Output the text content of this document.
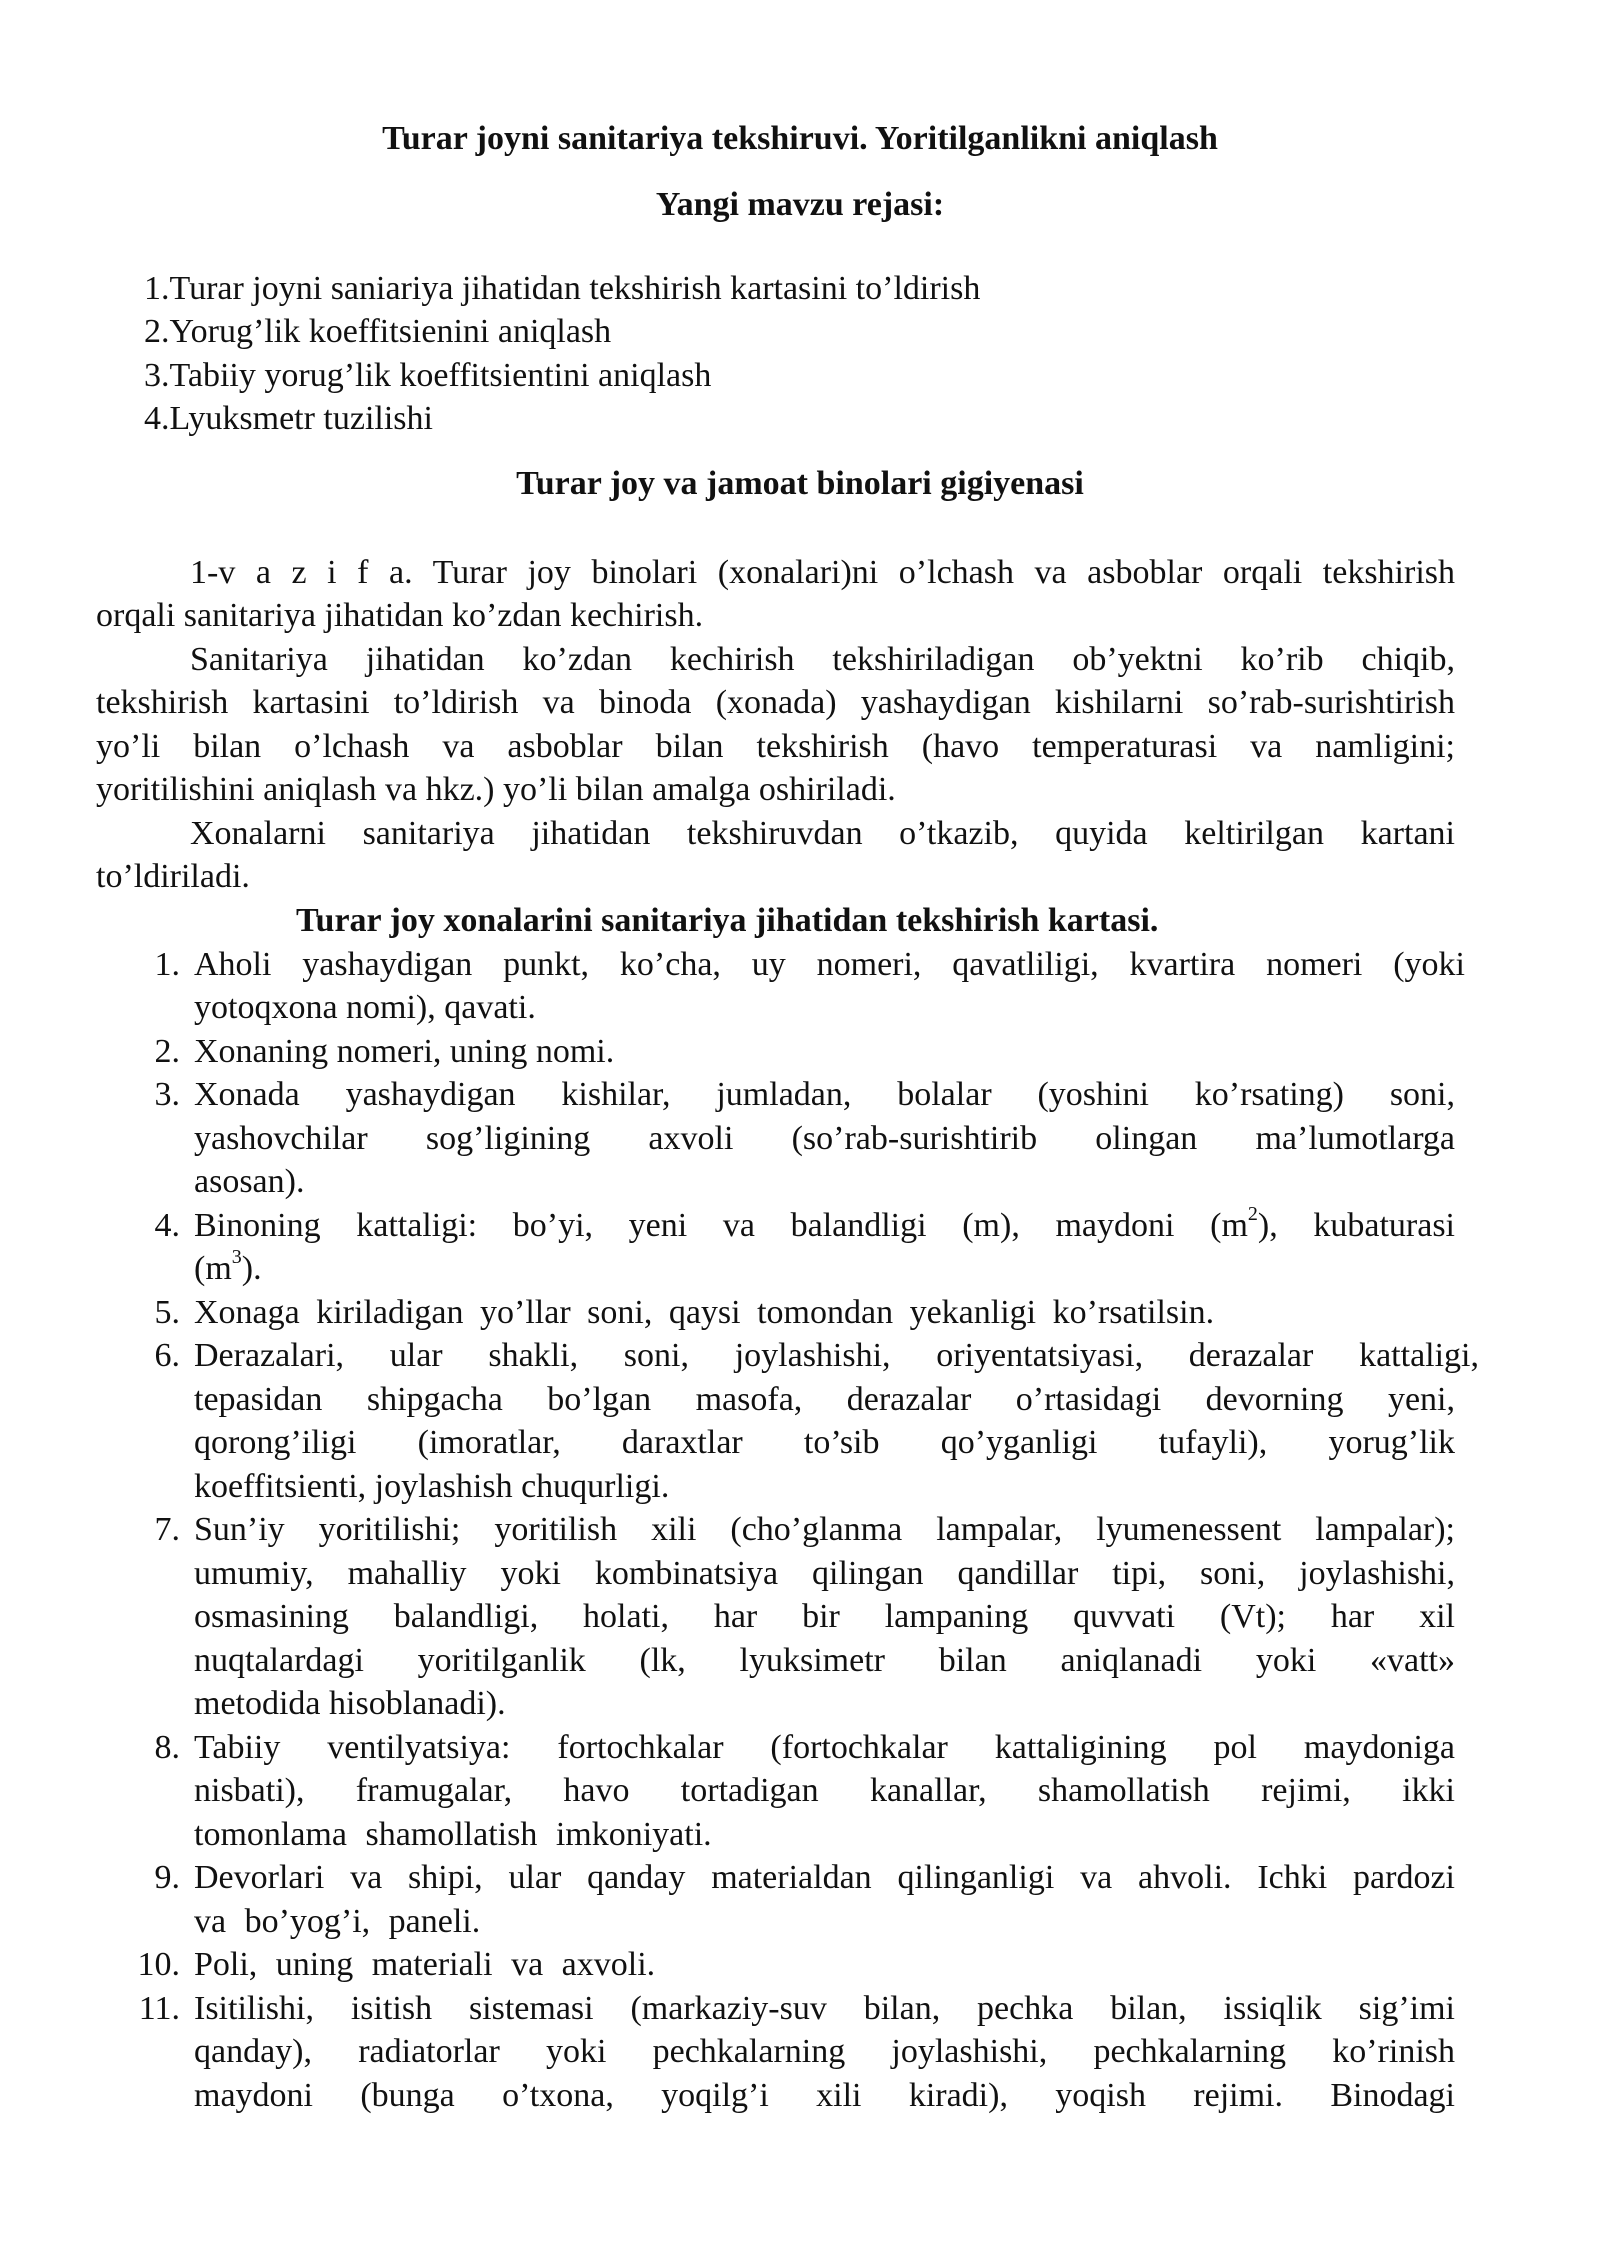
Turar joyni sanitariya tekshiruvi. Yoritilganlikni aniqlash
Yangi mavzu rejasi:
1.Turar joyni saniariya jihatidan tekshirish kartasini to’ldirish
2.Yorug’lik koeffitsienini aniqlash
3.Tabiiy yorug’lik koeffitsientini aniqlash
4.Lyuksmetr tuzilishi
Turar joy va jamoat binolari gigiyenasi
1-v a z i f a. Turar joy binolari (xonalari)ni o’lchash va asboblar orqali tekshirish
orqali sanitariya jihatidan ko’zdan kechirish.
Sanitariya jihatidan ko’zdan kechirish tekshiriladigan ob’yektni ko’rib chiqib,
tekshirish kartasini to’ldirish va binoda (xonada) yashaydigan kishilarni so’rab-surishtirish
yo’li bilan o’lchash va asboblar bilan tekshirish (havo temperaturasi va namligini;
yoritilishini aniqlash va hkz.) yo’li bilan amalga oshiriladi.
Xonalarni sanitariya jihatidan tekshiruvdan o’tkazib, quyida keltirilgan kartani
to’ldiriladi.
Turar joy xonalarini sanitariya jihatidan tekshirish kartasi.
1. Aholi yashaydigan punkt, ko’cha, uy nomeri, qavatliligi, kvartira nomeri (yoki
yotoqxona nomi), qavati.
2. Xonaning nomeri, uning nomi.
3. Xonada yashaydigan kishilar, jumladan, bolalar (yoshini ko’rsating) soni,
yashovchilar sog’ligining axvoli (so’rab-surishtirib olingan ma’lumotlarga
asosan).
4. Binoning kattaligi: bo’yi, yeni va balandligi (m), maydoni $(m^2)$, kubaturasi
$(m^3)$.
5. Xonaga kiriladigan yo’llar soni, qaysi tomondan yekanligi ko’rsatilsin.
6. Derazalari, ular shakli, soni, joylashishi, oriyentatsiyasi, derazalar kattaligi,
tepasidan shipgacha bo’lgan masofa, derazalar o’rtasidagi devorning yeni,
qorong’iligi (imoratlar, daraxtlar to’sib qo’yganligi tufayli), yorug’lik
koeffitsienti, joylashish chuqurligi.
7. Sun’iy yoritilishi; yoritilish xili (cho’glanma lampalar, lyumenessent lampalar);
umumiy, mahalliy yoki kombinatsiya qilingan qandillar tipi, soni, joylashishi,
osmasining balandligi, holati, har bir lampaning quvvati (Vt); har xil
nuqtalardagi yoritilganlik (lk, lyuksimetr bilan aniqlanadi yoki «vatt»
metodida hisoblanadi).
8. Tabiiy ventilyatsiya: fortochkalar (fortochkalar kattaligining pol maydoniga
nisbati), framugalar, havo tortadigan kanallar, shamollatish rejimi, ikki
tomonlama shamollatish imkoniyati.
9. Devorlari va shipi, ular qanday materialdan qilinganligi va ahvoli. Ichki pardozi
va bo’yog’i, paneli.
10. Poli, uning materiali va axvoli.
11. Isitilishi, isitish sistemasi (markaziy-suv bilan, pechka bilan, issiqlik sig’imi
qanday), radiatorlar yoki pechkalarning joylashishi, pechkalarning ko’rinish
maydoni (bunga o’txona, yoqilg’i xili kiradi), yoqish rejimi. Binodagi
